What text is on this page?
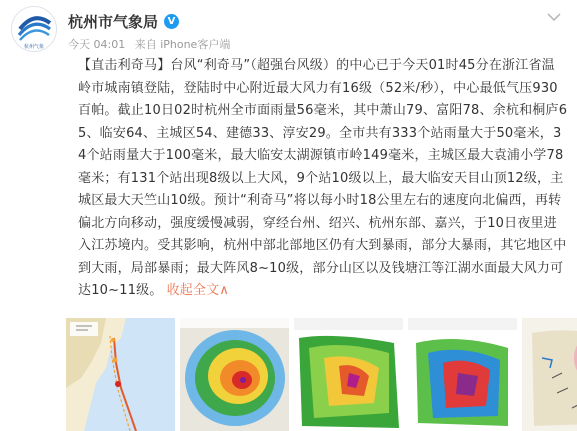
杭州气象
杭州市气象局 V
今天 04:01 来自 iPhone客户端
【直击利奇马】台风“利奇马”（超强台风级）的中心已于今天01时45分在浙江省温岭市城南镇登陆，登陆时中心附近最大风力有16级（52米/秒），中心最低气压930百帕。截止10日02时杭州全市面雨量56毫米，其中萧山79、富阳78、余杭和桐庐65、临安64、主城区54、建德33、淳安29。全市共有333个站雨量大于50毫米，34个站雨量大于100毫米，最大临安太湖源镇市岭149毫米，主城区最大袁浦小学78毫米；有131个站出现8级以上大风，9个站10级以上，最大临安天目山顶12级，主城区最大天竺山10级。预计“利奇马”将以每小时18公里左右的速度向北偏西，再转偏北方向移动，强度缓慢减弱，穿经台州、绍兴、杭州东部、嘉兴，于10日夜里进入江苏境内。受其影响，杭州中部北部地区仍有大到暴雨，部分大暴雨，其它地区中到大雨，局部暴雨；最大阵风8~10级，部分山区以及钱塘江等江湖水面最大风力可达10~11级。 收起全文∧
